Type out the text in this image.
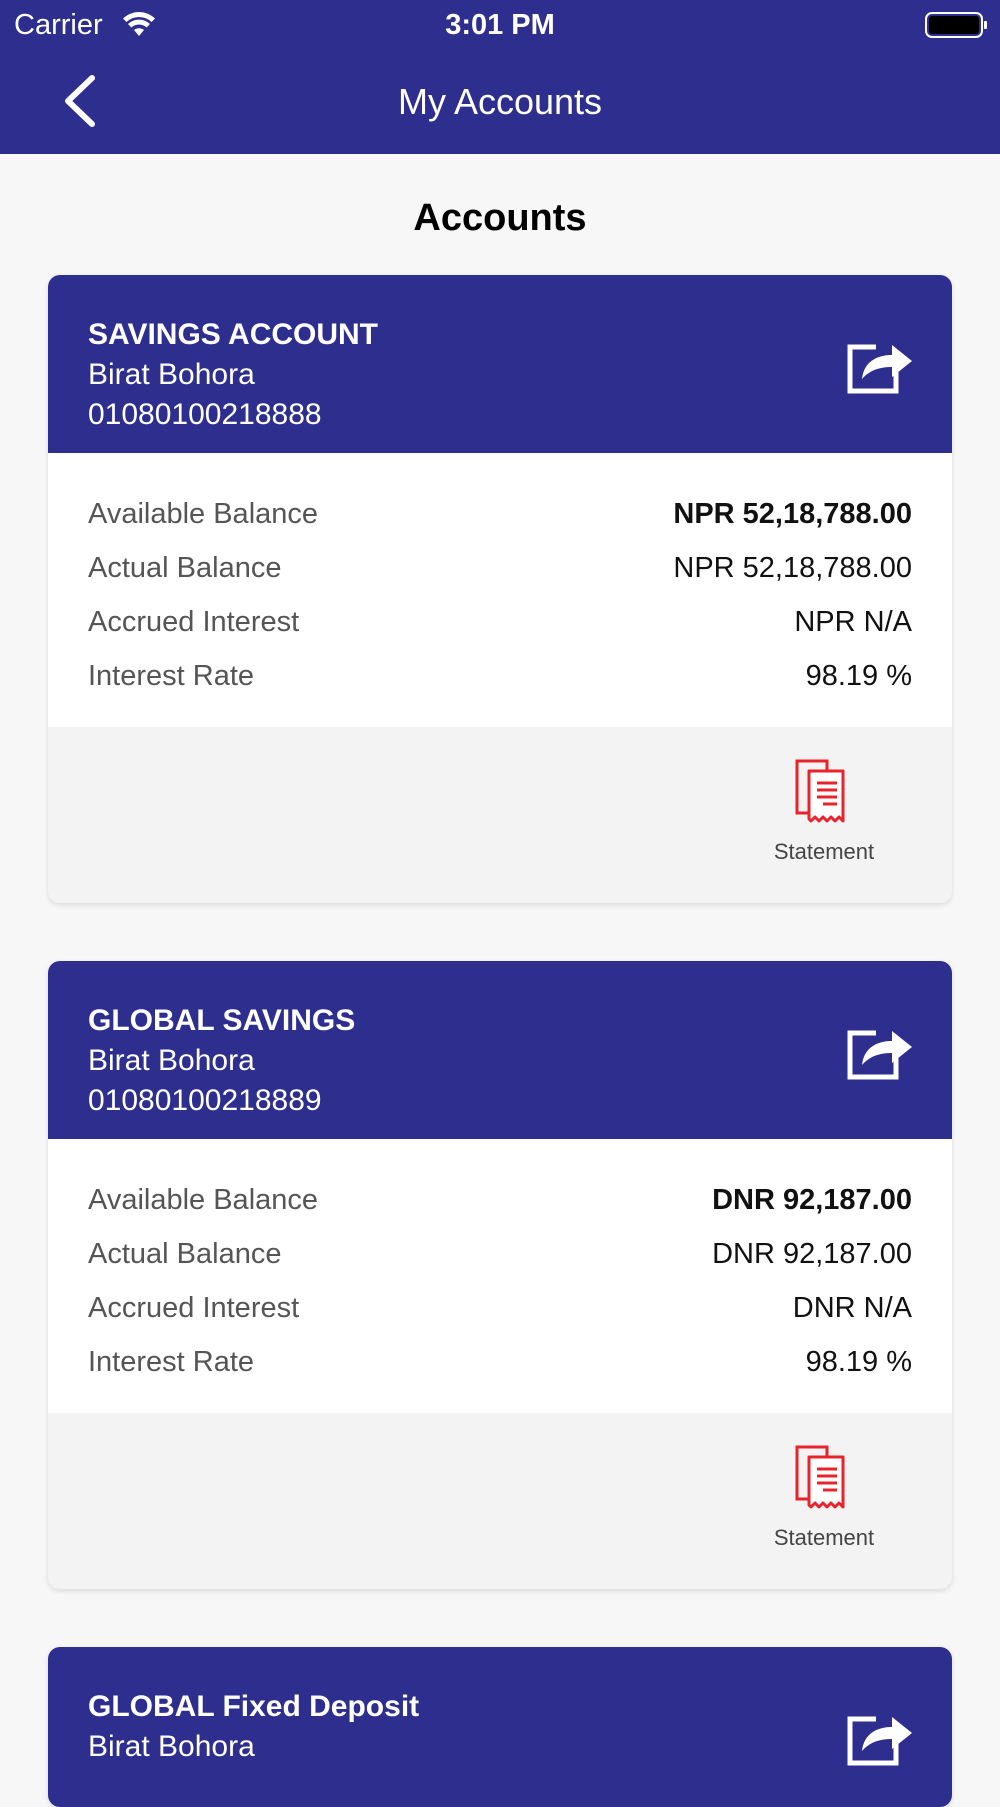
Carrier	3:01 PM
My Accounts
Accounts
SAVINGS ACCOUNT
Birat Bohora
01080100218888
Available Balance	NPR 52,18,788.00
Actual Balance	NPR 52,18,788.00
Accrued Interest	NPR N/A
Interest Rate	98.19 %
Statement
GLOBAL SAVINGS
Birat Bohora
01080100218889
Available Balance	DNR 92,187.00
Actual Balance	DNR 92,187.00
Accrued Interest	DNR N/A
Interest Rate	98.19 %
Statement
GLOBAL Fixed Deposit
Birat Bohora
